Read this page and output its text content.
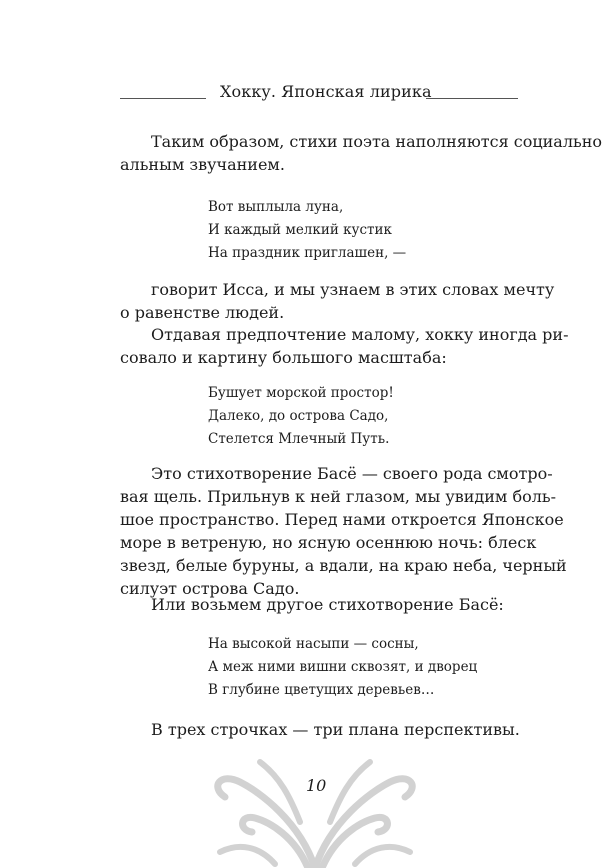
Хокку. Японская лирика

Таким образом, стихи поэта наполняются социально
альным звучанием.

Вот выплыла луна,
И каждый мелкий кустик
На праздник приглашен, —

говорит Исса, и мы узнаем в этих словах мечту
о равенстве людей.

Отдавая предпочтение малому, хокку иногда ри-
совало и картину большого масштаба:

Бушует морской простор!
Далеко, до острова Садо,
Стелется Млечный Путь.

Это стихотворение Басё — своего рода смотро-
вая щель. Прильнув к ней глазом, мы увидим боль-
шое пространство. Перед нами откроется Японское
море в ветреную, но ясную осеннюю ночь: блеск
звезд, белые буруны, а вдали, на краю неба, черный
силуэт острова Садо.

Или возьмем другое стихотворение Басё:

На высокой насыпи — сосны,
А меж ними вишни сквозят, и дворец
В глубине цветущих деревьев…

В трех строчках — три плана перспективы.

10
